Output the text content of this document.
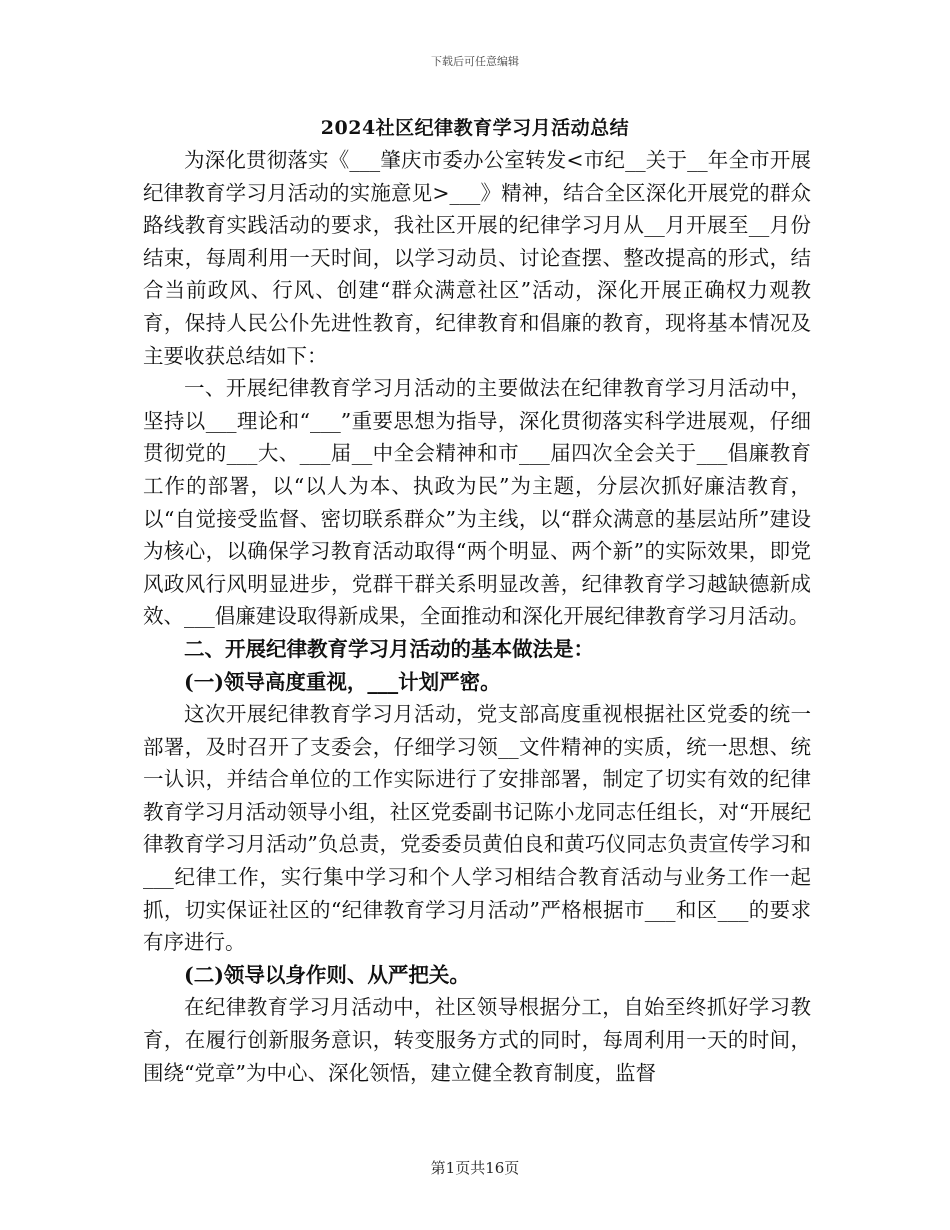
下载后可任意编辑
2024社区纪律教育学习月活动总结

为深化贯彻落实《___肇庆市委办公室转发<市纪__关于__年全市开展纪律教育学习月活动的实施意见>___》精神，结合全区深化开展党的群众路线教育实践活动的要求，我社区开展的纪律学习月从__月开展至__月份结束，每周利用一天时间，以学习动员、讨论查摆、整改提高的形式，结合当前政风、行风、创建“群众满意社区”活动，深化开展正确权力观教育，保持人民公仆先进性教育，纪律教育和倡廉的教育，现将基本情况及主要收获总结如下：

一、开展纪律教育学习月活动的主要做法在纪律教育学习月活动中，坚持以___理论和“___”重要思想为指导，深化贯彻落实科学进展观，仔细贯彻党的___大、___届__中全会精神和市___届四次全会关于___倡廉教育工作的部署，以“以人为本、执政为民”为主题，分层次抓好廉洁教育，以“自觉接受监督、密切联系群众”为主线，以“群众满意的基层站所”建设为核心，以确保学习教育活动取得“两个明显、两个新”的实际效果，即党风政风行风明显进步，党群干群关系明显改善，纪律教育学习越缺德新成效、___倡廉建设取得新成果，全面推动和深化开展纪律教育学习月活动。

二、开展纪律教育学习月活动的基本做法是：

(一)领导高度重视，___计划严密。

这次开展纪律教育学习月活动，党支部高度重视根据社区党委的统一部署，及时召开了支委会，仔细学习领__文件精神的实质，统一思想、统一认识，并结合单位的工作实际进行了安排部署，制定了切实有效的纪律教育学习月活动领导小组，社区党委副书记陈小龙同志任组长，对“开展纪律教育学习月活动”负总责，党委委员黄伯良和黄巧仪同志负责宣传学习和___纪律工作，实行集中学习和个人学习相结合教育活动与业务工作一起抓，切实保证社区的“纪律教育学习月活动”严格根据市___和区___的要求有序进行。

(二)领导以身作则、从严把关。

在纪律教育学习月活动中，社区领导根据分工，自始至终抓好学习教育，在履行创新服务意识，转变服务方式的同时，每周利用一天的时间，围绕“党章”为中心、深化领悟，建立健全教育制度，监督

第1页共16页
